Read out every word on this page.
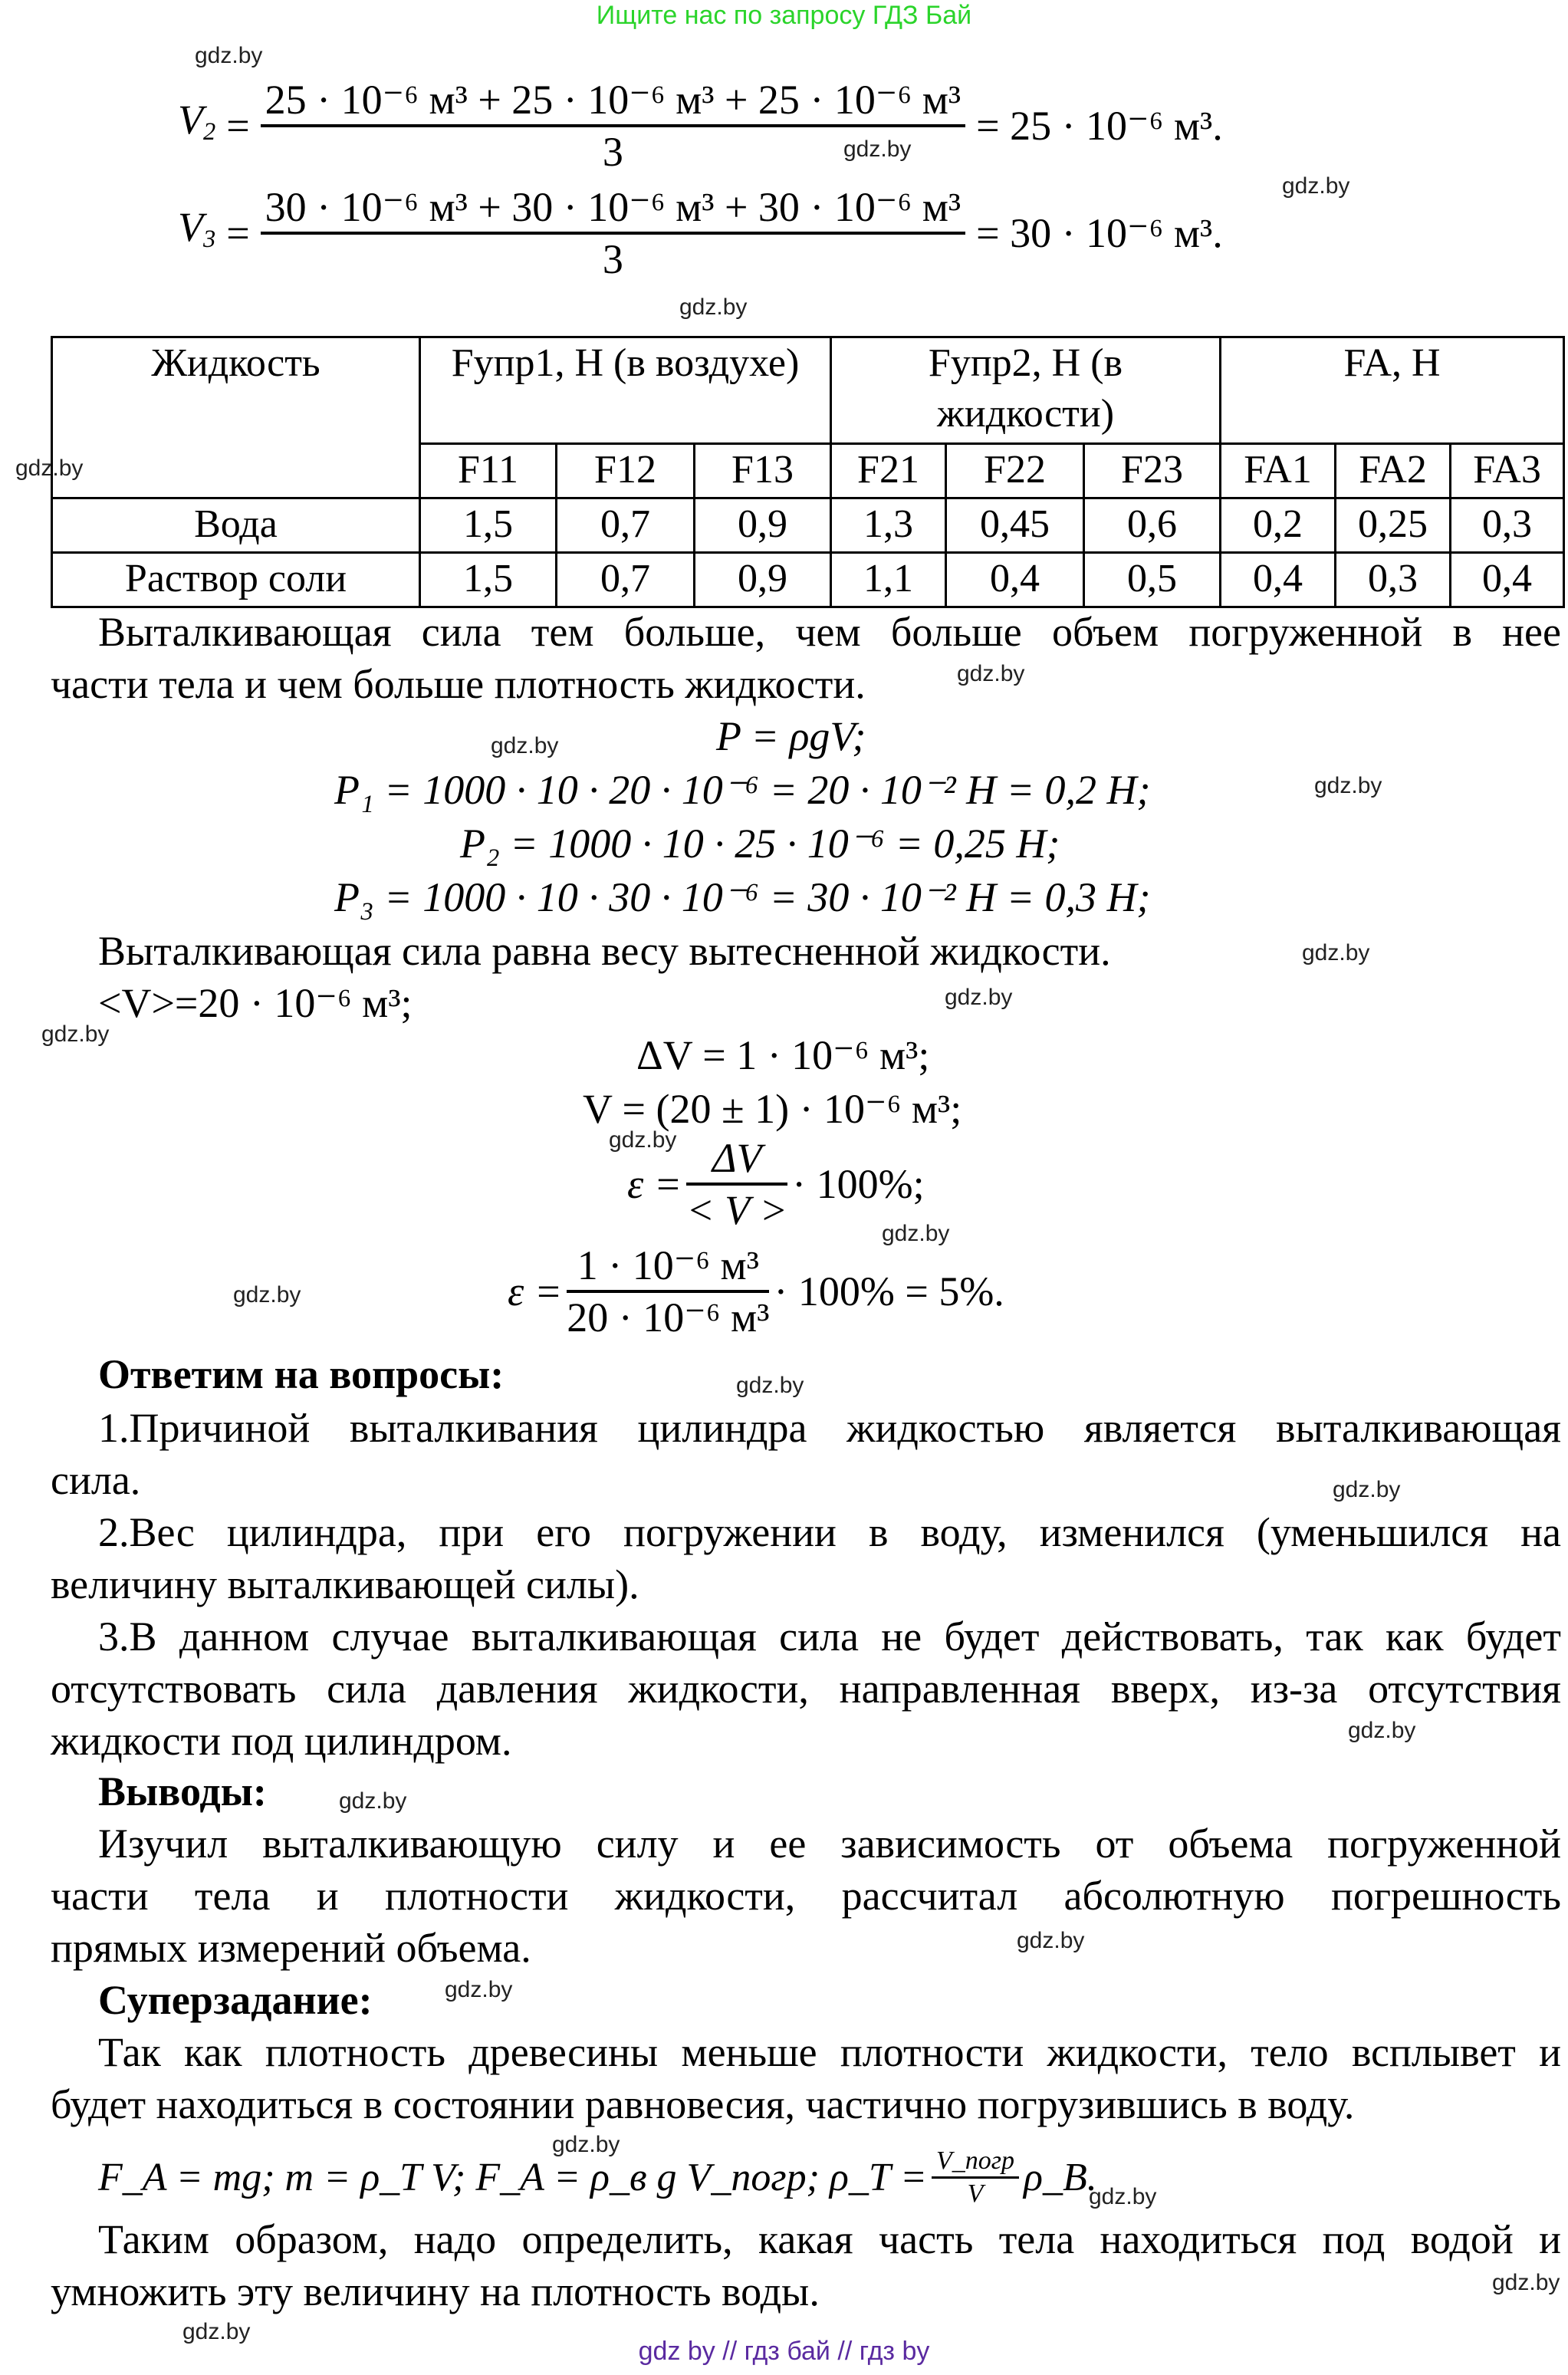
Ищите нас по запросу ГДЗ Бай
$V_2 = \frac{\text{25 · 10⁻⁶ м³ + 25 · 10⁻⁶ м³ + 25 · 10⁻⁶ м³}}{3} = 25 \cdot 10^{-6}$ м³.
$V_3 = \frac{\text{30 · 10⁻⁶ м³ + 30 · 10⁻⁶ м³ + 30 · 10⁻⁶ м³}}{3} = 30 \cdot 10^{-6}$ м³.
Жидкость	Fупр1, Н (в воздухе)			Fупр2, Н (в жидкости)			FA, Н		
	F11	F12	F13	F21	F22	F23	FA1	FA2	FA3
Вода	1,5	0,7	0,9	1,3	0,45	0,6	0,2	0,25	0,3
Раствор соли	1,5	0,7	0,9	1,1	0,4	0,5	0,4	0,3	0,4
Выталкивающая сила тем больше, чем больше объем погруженной в нее
части тела и чем больше плотность жидкости.
P = ρgV;
P₁ = 1000 · 10 · 20 · 10⁻⁶ = 20 · 10⁻² H = 0,2 H;
P₂ = 1000 · 10 · 25 · 10⁻⁶ = 0,25 H;
P₃ = 1000 · 10 · 30 · 10⁻⁶ = 30 · 10⁻² H = 0,3 H;
Выталкивающая сила равна весу вытесненной жидкости.
<V>=20 · 10⁻⁶ м³;
ΔV = 1 · 10⁻⁶ м³;
V = (20 ± 1) · 10⁻⁶ м³;
$\varepsilon = \frac{\Delta V}{< V >} \cdot 100\%$;
$\varepsilon = \frac{\text{1 · 10⁻⁶ м³}}{\text{20 · 10⁻⁶ м³}} \cdot 100\% = 5\%$.
Ответим на вопросы:
1.Причиной выталкивания цилиндра жидкостью является выталкивающая
сила.
2.Вес цилиндра, при его погружении в воду, изменился (уменьшился на
величину выталкивающей силы).
3.В данном случае выталкивающая сила не будет действовать, так как будет
отсутствовать сила давления жидкости, направленная вверх, из-за отсутствия
жидкости под цилиндром.
Выводы:
Изучил выталкивающую силу и ее зависимость от объема погруженной
части тела и плотности жидкости, рассчитал абсолютную погрешность
прямых измерений объема.
Суперзадание:
Так как плотность древесины меньше плотности жидкости, тело всплывет и
будет находиться в состоянии равновесия, частично погрузившись в воду.
F_A = mg; m = ρ_T V; F_A = ρ_в g V_погр; ρ_T = $\frac{\text{V\_погр}}{V}$ ρ_В.
Таким образом, надо определить, какая часть тела находиться под водой и
умножить эту величину на плотность воды.
gdz.by
gdz.by
gdz.by
gdz.by
gdz.by
gdz.by
gdz.by
gdz.by
gdz.by
gdz.by
gdz.by
gdz.by
gdz.by
gdz.by
gdz.by
gdz.by
gdz.by
gdz.by
gdz.by
gdz.by
gdz.by
gdz.by
gdz.by
gdz.by
gdz by // гдз бай // гдз by
